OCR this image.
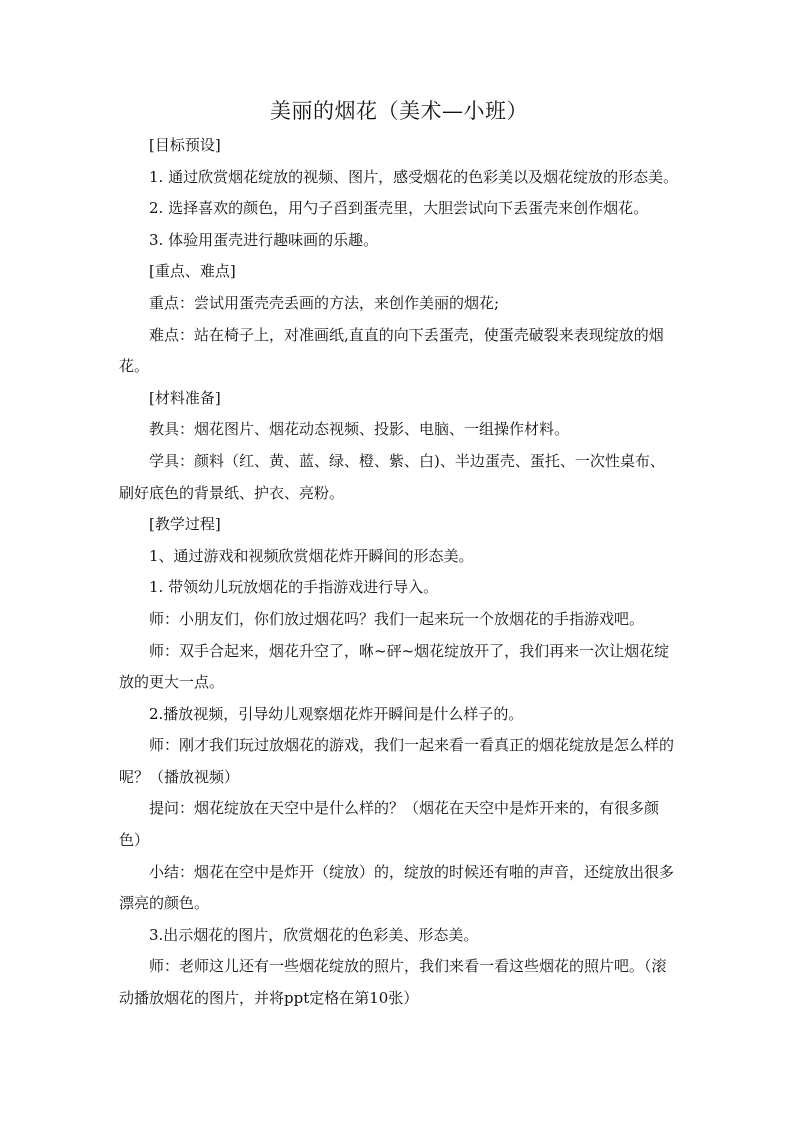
美丽的烟花（美术—小班）

[目标预设]

1. 通过欣赏烟花绽放的视频、图片，感受烟花的色彩美以及烟花绽放的形态美。

2. 选择喜欢的颜色，用勺子舀到蛋壳里，大胆尝试向下丢蛋壳来创作烟花。

3. 体验用蛋壳进行趣味画的乐趣。

[重点、难点]

重点：尝试用蛋壳壳丢画的方法，来创作美丽的烟花;

难点：站在椅子上，对准画纸,直直的向下丢蛋壳，使蛋壳破裂来表现绽放的烟花。

[材料准备]

教具：烟花图片、烟花动态视频、投影、电脑、一组操作材料。

学具：颜料（红、黄、蓝、绿、橙、紫、白)、半边蛋壳、蛋托、一次性桌布、刷好底色的背景纸、护衣、亮粉。

[教学过程]

1、通过游戏和视频欣赏烟花炸开瞬间的形态美。

1. 带领幼儿玩放烟花的手指游戏进行导入。

师：小朋友们，你们放过烟花吗？我们一起来玩一个放烟花的手指游戏吧。

师：双手合起来，烟花升空了，咻~砰~烟花绽放开了，我们再来一次让烟花绽放的更大一点。

2.播放视频，引导幼儿观察烟花炸开瞬间是什么样子的。

师：刚才我们玩过放烟花的游戏，我们一起来看一看真正的烟花绽放是怎么样的呢？（播放视频）

提问：烟花绽放在天空中是什么样的？（烟花在天空中是炸开来的，有很多颜色）

小结：烟花在空中是炸开（绽放）的，绽放的时候还有啪的声音，还绽放出很多漂亮的颜色。

3.出示烟花的图片，欣赏烟花的色彩美、形态美。

师：老师这儿还有一些烟花绽放的照片，我们来看一看这些烟花的照片吧。（滚动播放烟花的图片，并将ppt定格在第10张）
